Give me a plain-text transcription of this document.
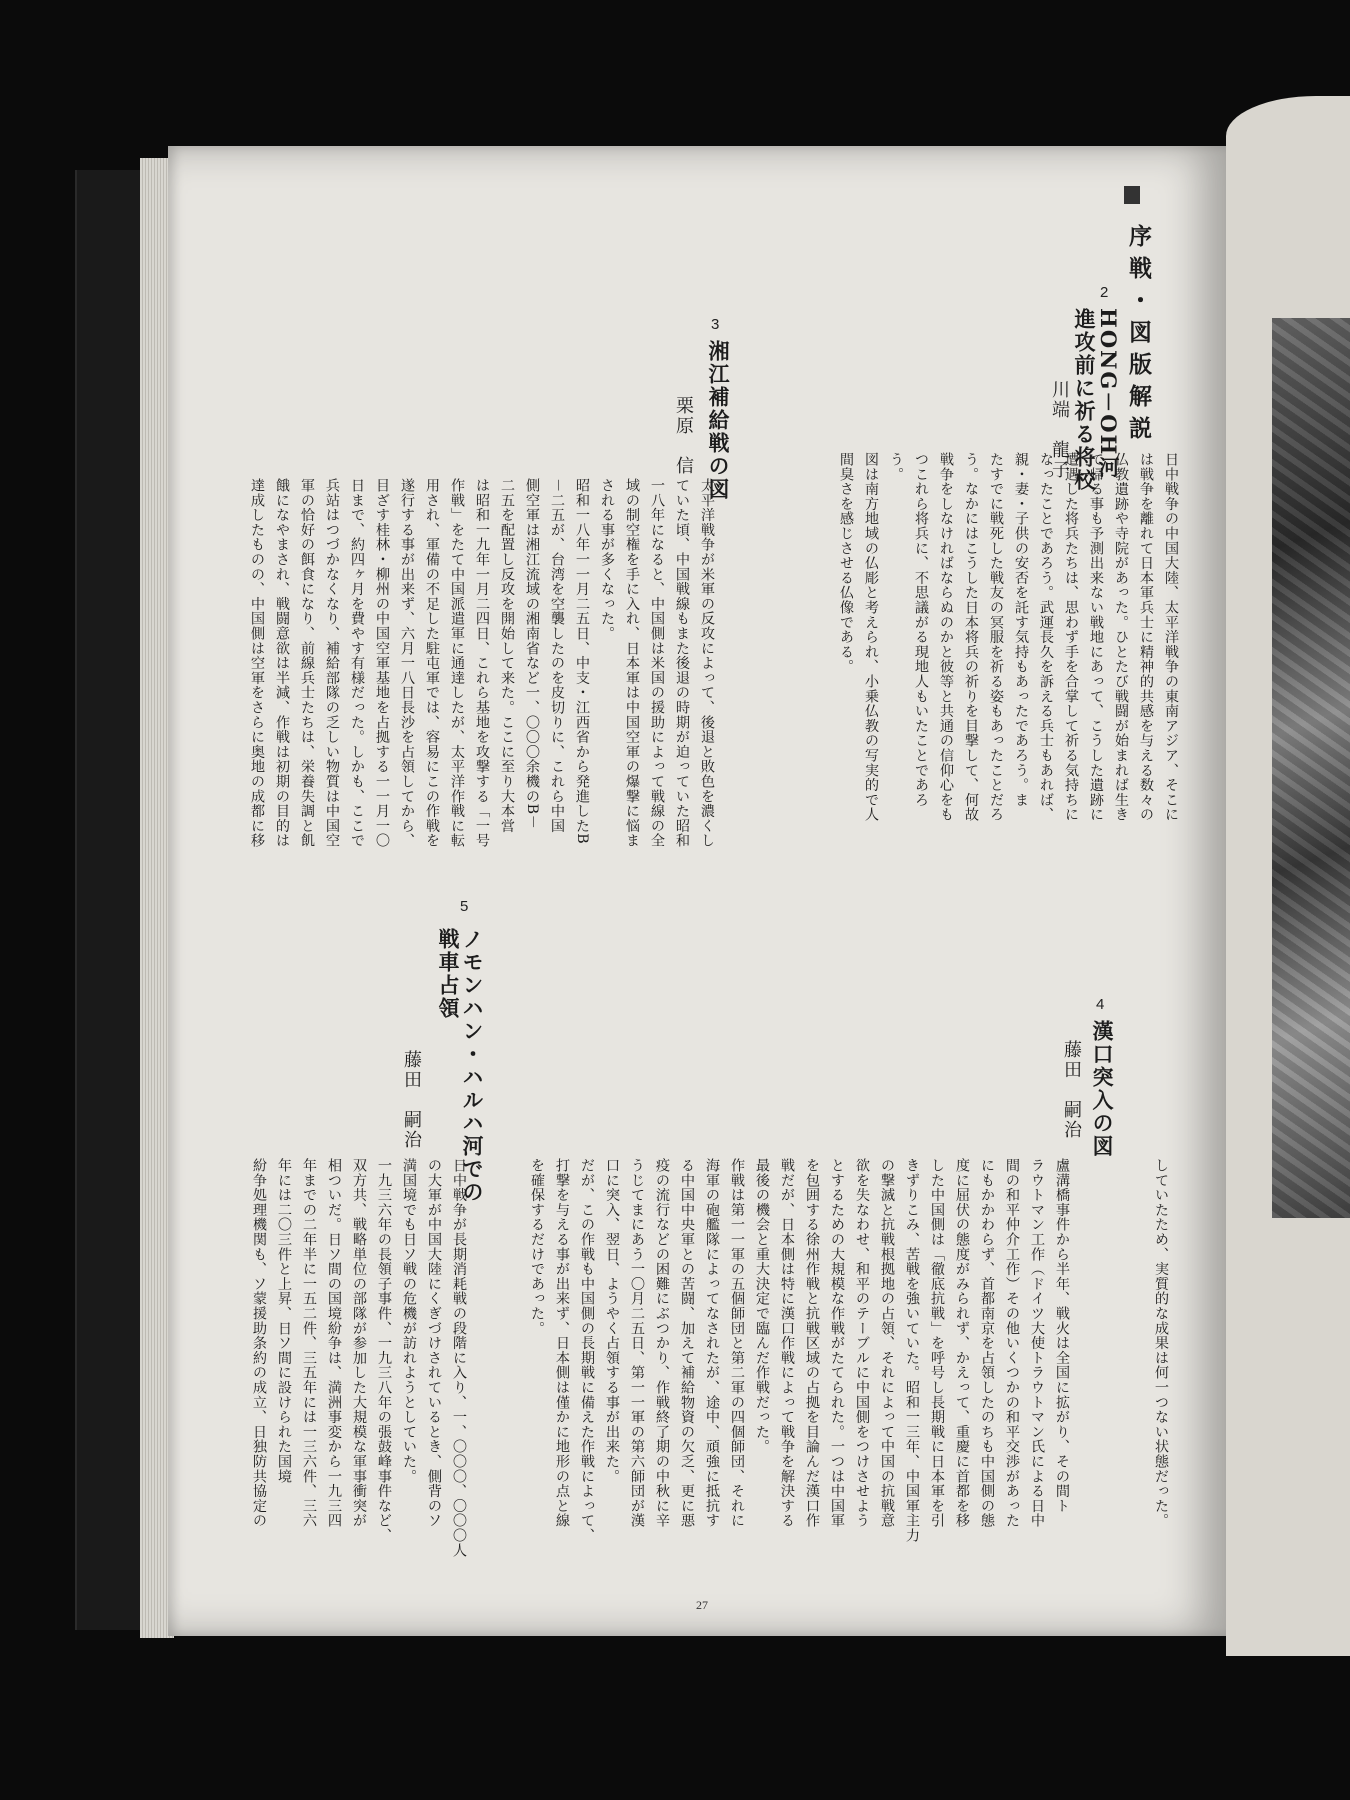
序戦・図版解説
2
HONG－OH河
進攻前に祈る将校
川端　龍子
日中戦争の中国大陸、太平洋戦争の東南アジア、そこに
は戦争を離れて日本軍兵士に精神的共感を与える数々の
仏教遺跡や寺院があった。ひとたび戦闘が始まれば生き
て帰る事も予測出来ない戦地にあって、こうした遺跡に
遭遇した将兵たちは、思わず手を合掌して祈る気持ちに
なったことであろう。武運長久を訴える兵士もあれば、
親・妻・子供の安否を託す気持もあったであろう。ま
たすでに戦死した戦友の冥服を祈る姿もあったことだろ
う。なかにはこうした日本将兵の祈りを目撃して、何故
戦争をしなければならぬのかと彼等と共通の信仰心をも
つこれら将兵に、不思議がる現地人もいたことであろ
う。
図は南方地域の仏彫と考えられ、小乗仏教の写実的で人
間臭さを感じさせる仏像である。
3
湘江補給戦の図
栗原　信
太平洋戦争が米軍の反攻によって、後退と敗色を濃くし
ていた頃、中国戦線もまた後退の時期が迫っていた昭和
一八年になると、中国側は米国の援助によって戦線の全
域の制空権を手に入れ、日本軍は中国空軍の爆撃に悩ま
される事が多くなった。
昭和一八年一一月二五日、中支・江西省から発進したB
－二五が、台湾を空襲したのを皮切りに、これら中国
側空軍は湘江流域の湘南省など一、〇〇〇余機のB－
二五を配置し反攻を開始して来た。ここに至り大本営
は昭和一九年一月二四日、これら基地を攻撃する「一号
作戦」をたて中国派遣軍に通達したが、太平洋作戦に転
用され、軍備の不足した駐屯軍では、容易にこの作戦を
遂行する事が出来ず、六月一八日長沙を占領してから、
目ざす桂林・柳州の中国空軍基地を占拠する一一月一〇
日まで、約四ヶ月を費やす有様だった。しかも、ここで
兵站はつづかなくなり、補給部隊の乏しい物質は中国空
軍の恰好の餌食になり、前線兵士たちは、栄養失調と飢
餓になやまされ、戦闘意欲は半減、作戦は初期の目的は
達成したものの、中国側は空軍をさらに奥地の成都に移
していたため、実質的な成果は何一つない状態だった。
4
漢口突入の図
藤田　嗣治
盧溝橋事件から半年、戦火は全国に拡がり、その間ト
ラウトマン工作（ドイツ大使トラウトマン氏による日中
間の和平仲介工作）その他いくつかの和平交渉があった
にもかかわらず、首都南京を占領したのちも中国側の態
度に屈伏の態度がみられず、かえって、重慶に首都を移
した中国側は「徹底抗戦」を呼号し長期戦に日本軍を引
きずりこみ、苦戦を強いていた。昭和一三年、中国軍主力
の撃滅と抗戦根拠地の占領、それによって中国の抗戦意
欲を失なわせ、和平のテーブルに中国側をつけさせよう
とするための大規模な作戦がたてられた。一つは中国軍
を包囲する徐州作戦と抗戦区域の占拠を目論んだ漢口作
戦だが、日本側は特に漢口作戦によって戦争を解決する
最後の機会と重大決定で臨んだ作戦だった。
作戦は第一一軍の五個師団と第二軍の四個師団、それに
海軍の砲艦隊によってなされたが、途中、頑強に抵抗す
る中国中央軍との苦闘、加えて補給物資の欠乏、更に悪
疫の流行などの困難にぶつかり、作戦終了期の中秋に辛
うじてまにあう一〇月二五日、第一一軍の第六師団が漢
口に突入、翌日、ようやく占領する事が出来た。
だが、この作戦も中国側の長期戦に備えた作戦によって、
打撃を与える事が出来ず、日本側は僅かに地形の点と線
を確保するだけであった。
5
ノモンハン・ハルハ河での
戦車占領
藤田　嗣治
日中戦争が長期消耗戦の段階に入り、一、〇〇〇、〇〇〇人
の大軍が中国大陸にくぎづけされているとき、側背のソ
満国境でも日ソ戦の危機が訪れようとしていた。
一九三六年の長領子事件、一九三八年の張鼓峰事件など、
双方共、戦略単位の部隊が参加した大規模な軍事衝突が
相ついだ。日ソ間の国境紛争は、満洲事変から一九三四
年までの二年半に一五二件、三五年には一三六件、三六
年には二〇三件と上昇、日ソ間に設けられた国境
紛争処理機関も、ソ蒙援助条約の成立、日独防共協定の
27
